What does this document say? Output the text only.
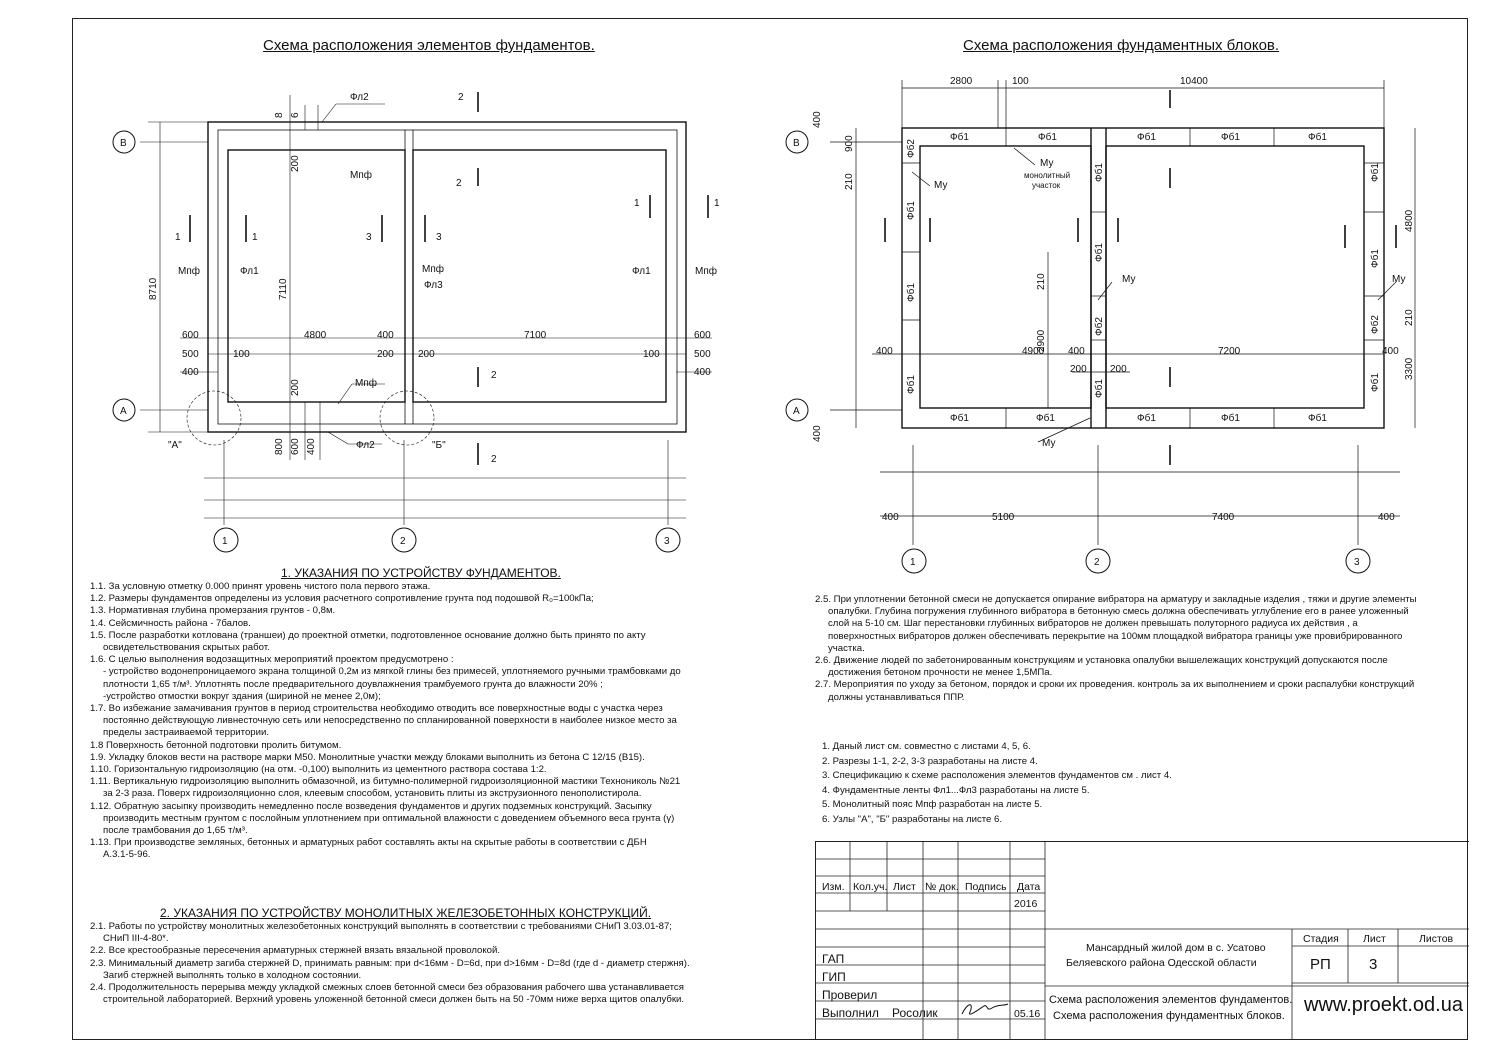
Схема расположения элементов фундаментов.	Схема расположения фундаментных блоков.
B
A
1	2	3
Фл2
Мпф
Мпф
Фл2
Мпф	Фл1	Мпф
Фл3
Фл1	Мпф
"А"	"Б"
2
2
1	1	3	3
1	1
2
2
4800	7100
600
500
400
600
500
400
400
100	100
200 200
8710	7110
200
200
8 6
800 600 400
B
A
1	2	3
Фб1	Фб1	Фб1	Фб1	Фб1
Фб1	Фб1	Фб1	Фб1	Фб1
Фб1
Фб1
Фб1
Фб2
Фб1
Фб1
Фб2
Фб1
Фб1
Фб1
Фб2
Фб1
Му
монолитный
участок
Му
Му	Му
Му
2800	100	10400
4900	7200
400	400	400
200 200
400	5100	7400	400
400
900
210
210
2900
4800
210
3300
400
1. УКАЗАНИЯ ПО УСТРОЙСТВУ ФУНДАМЕНТОВ.

1.1. За условную отметку 0.000 принят уровень чистого пола первого этажа.

1.2. Размеры фундаментов определены из условия расчетного сопротивление грунта под подошвой R₀=100кПа;

1.3. Нормативная глубина промерзания грунтов - 0,8м.

1.4. Сейсмичность района - 7балов.

1.5. После разработки котлована (траншеи) до проектной отметки, подготовленное основание должно быть принято по акту

освидетельствования скрытых работ.

1.6. С целью выполнения водозащитных мероприятий проектом предусмотрено :

- устройство водонепроницаемого экрана толщиной 0,2м из мягкой глины без примесей, уплотняемого ручными трамбовками до

плотности 1,65 т/м³. Уплотнять после предварительного доувлажнения трамбуемого грунта до влажности 20% ;

-устройство отмостки вокруг здания (шириной не менее 2,0м);

1.7. Во избежание замачивания грунтов в период строительства необходимо отводить все поверхностные воды с участка через

постоянно действующую ливнесточную сеть или непосредственно по спланированной поверхности в наиболее низкое место за

пределы застраиваемой территории.

1.8 Поверхность бетонной подготовки пролить битумом.

1.9. Укладку блоков вести на растворе марки М50. Монолитные участки между блоками выполнить из бетона С 12/15 (В15).

1.10. Горизонтальную гидроизоляцию (на отм. -0,100) выполнить из цементного раствора состава 1:2.

1.11. Вертикальную гидроизоляцию выполнить обмазочной, из битумно-полимерной гидроизоляционной мастики Технониколь №21

за 2-3 раза. Поверх гидроизоляционно слоя, клеевым способом, установить плиты из экструзионного пенополистирола.

1.12. Обратную засыпку производить немедленно после возведения фундаментов и других подземных конструкций. Засыпку

производить местным грунтом с послойным уплотнением при оптимальной влажности с доведением объемного веса грунта (γ)

после трамбования до 1,65 т/м³.

1.13. При производстве земляных, бетонных и арматурных работ составлять акты на скрытые работы в соответствии с ДБН

А.3.1-5-96.

2. УКАЗАНИЯ ПО УСТРОЙСТВУ МОНОЛИТНЫХ ЖЕЛЕЗОБЕТОННЫХ КОНСТРУКЦИЙ.

2.1. Работы по устройству монолитных железобетонных конструкций выполнять в соответствии с требованиями СНиП 3.03.01-87;

СНиП III-4-80*.

2.2. Все крестообразные пересечения арматурных стержней вязать вязальной проволокой.

2.3. Минимальный диаметр загиба стержней D, принимать равным: при d<16мм - D=6d, при d>16мм - D=8d (где d - диаметр стержня).

Загиб стержней выполнять только в холодном состоянии.

2.4. Продолжительность перерыва между укладкой смежных слоев бетонной смеси без образования рабочего шва устанавливается

строительной лабораторией. Верхний уровень уложенной бетонной смеси должен быть на 50 -70мм ниже верха щитов опалубки.

2.5. При уплотнении бетонной смеси не допускается опирание вибратора на арматуру и закладные изделия , тяжи и другие элементы

опалубки. Глубина погружения глубинного вибратора в бетонную смесь должна обеспечивать углубление его в ранее уложенный

слой на 5-10 см. Шаг перестановки глубинных вибраторов не должен превышать полуторного радиуса их действия , а

поверхностных вибраторов должен обеспечивать перекрытие на 100мм площадкой вибратора границы уже провибрированного

участка.

2.6. Движение людей по забетонированным конструкциям и установка опалубки вышележащих конструкций допускаются после

достижения бетоном прочности не менее 1,5МПа.

2.7. Мероприятия по уходу за бетоном, порядок и сроки их проведения. контроль за их выполнением и сроки распалубки конструкций

должны устанавливаться ППР.

1. Даный лист см. совместно с листами 4, 5, 6.

2. Разрезы 1-1, 2-2, 3-3 разработаны на листе 4.

3. Спецификацию к схеме расположения элементов фундаментов см . лист 4.

4. Фундаментные ленты Фл1...Фл3 разработаны на листе 5.

5. Монолитный пояс Мпф разработан на листе 5.

6. Узлы "А", "Б" разработаны на листе 6.

Изм. Кол.уч. Лист № док. Подпись Дата
2016
ГАП
ГИП
Проверил
Выполнил Росолик	05.16
Мансардный жилой дом в с. Усатово
Беляевского района Одесской области
Схема расположения элементов фундаментов.
Схема расположения фундаментных блоков.
Стадия Лист	Листов
РП	3
www.proekt.od.ua
